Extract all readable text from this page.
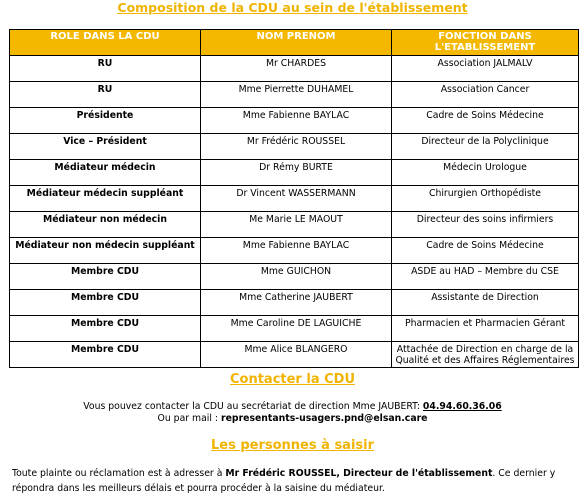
Composition de la CDU au sein de l'établissement
ROLE DANS LA CDU	NOM PRENOM	FONCTION DANS
L'ETABLISSEMENT
RU	Mr CHARDES	Association JALMALV
RU	Mme Pierrette DUHAMEL	Association Cancer
Présidente	Mme Fabienne BAYLAC	Cadre de Soins Médecine
Vice – Président	Mr Frédéric ROUSSEL	Directeur de la Polyclinique
Médiateur médecin	Dr Rémy BURTE	Médecin Urologue
Médiateur médecin suppléant	Dr Vincent WASSERMANN	Chirurgien Orthopédiste
Médiateur non médecin	Me Marie LE MAOUT	Directeur des soins infirmiers
Médiateur non médecin suppléant	Mme Fabienne BAYLAC	Cadre de Soins Médecine
Membre CDU	Mme GUICHON	ASDE au HAD – Membre du CSE
Membre CDU	Mme Catherine JAUBERT	Assistante de Direction
Membre CDU	Mme Caroline DE LAGUICHE	Pharmacien et Pharmacien Gérant
Membre CDU	Mme Alice BLANGERO	Attachée de Direction en charge de la Qualité et des Affaires Réglementaires
Contacter la CDU
Vous pouvez contacter la CDU au secrétariat de direction Mme JAUBERT: 04.94.60.36.06
Ou par mail : representants-usagers.pnd@elsan.care
Les personnes à saisir
Toute plainte ou réclamation est à adresser à Mr Frédéric ROUSSEL, Directeur de l'établissement. Ce dernier y répondra dans les meilleurs délais et pourra procéder à la saisine du médiateur.
